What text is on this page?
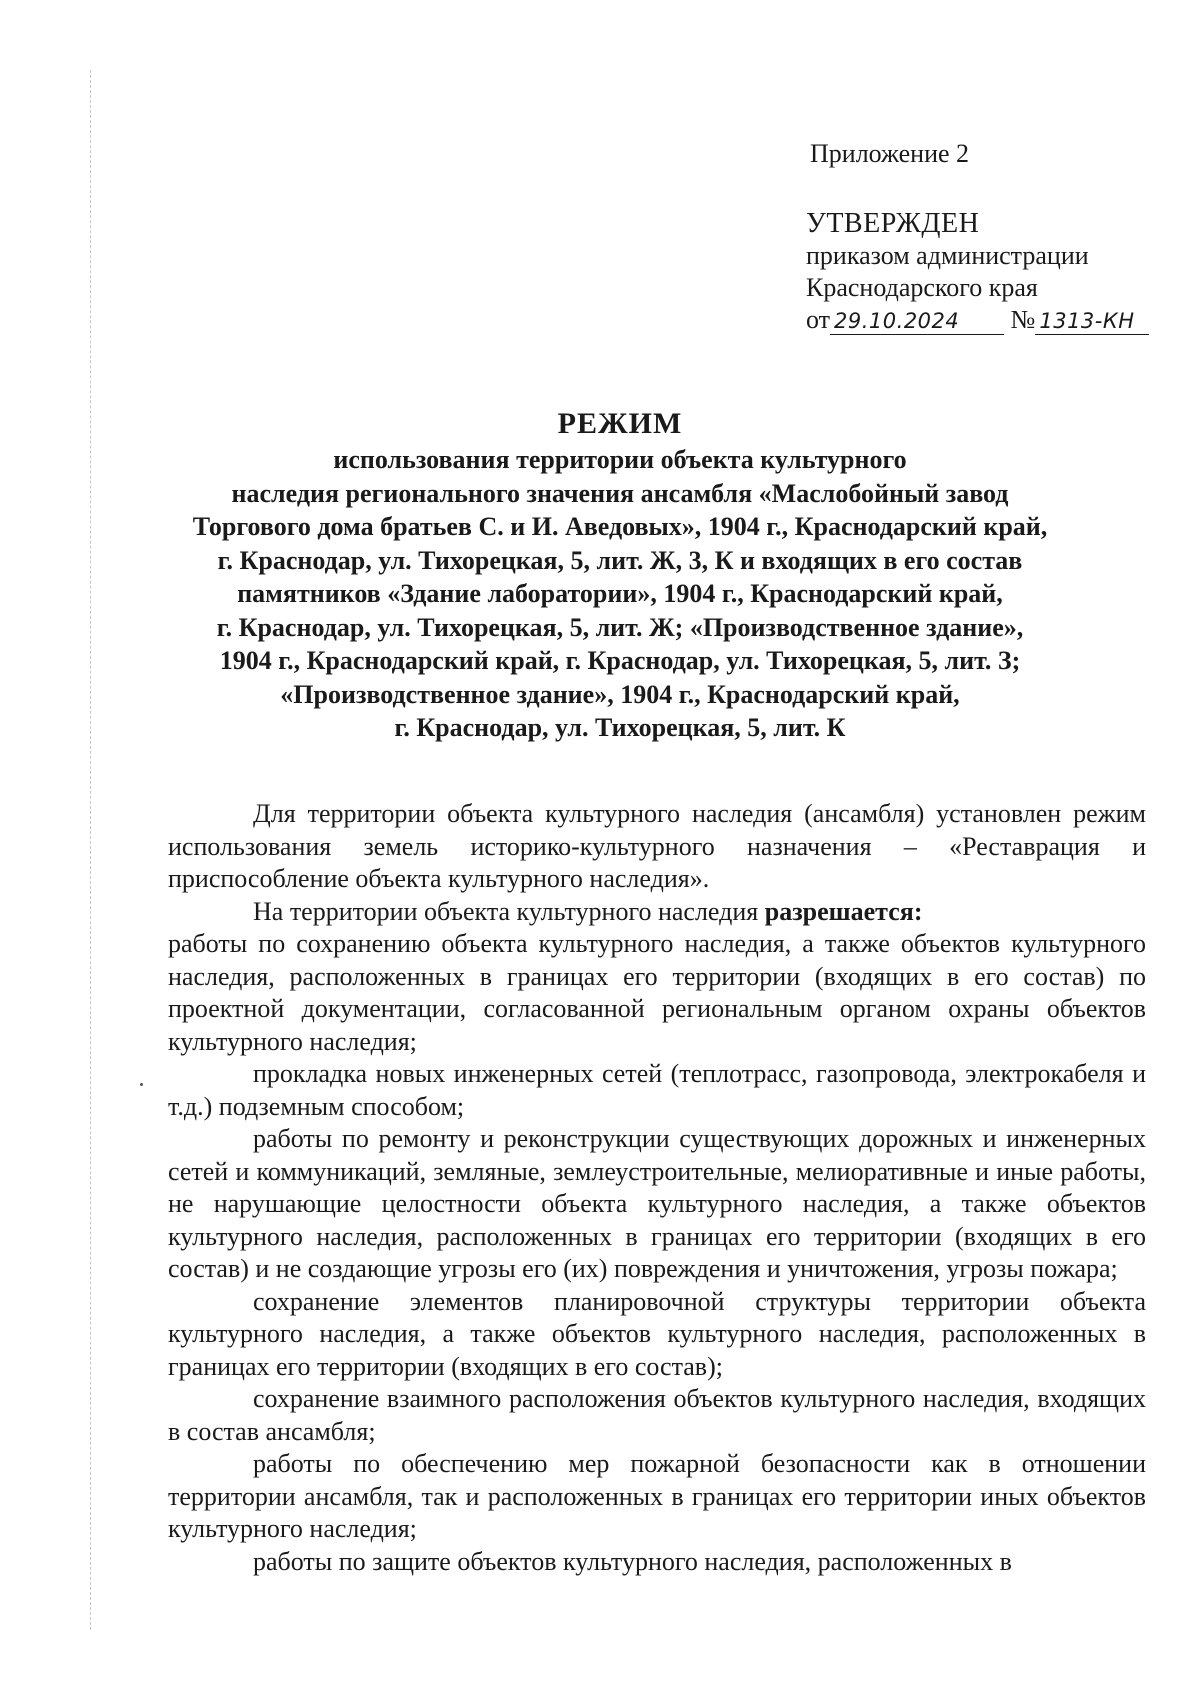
Приложение 2
УТВЕРЖДЕН
приказом администрации
Краснодарского края
от 29.10.2024 № 1313-КН
РЕЖИМ
использования территории объекта культурного
наследия регионального значения ансамбля «Маслобойный завод
Торгового дома братьев С. и И. Аведовых», 1904 г., Краснодарский край,
г. Краснодар, ул. Тихорецкая, 5, лит. Ж, 3, К и входящих в его состав
памятников «Здание лаборатории», 1904 г., Краснодарский край,
г. Краснодар, ул. Тихорецкая, 5, лит. Ж; «Производственное здание»,
1904 г., Краснодарский край, г. Краснодар, ул. Тихорецкая, 5, лит. З;
«Производственное здание», 1904 г., Краснодарский край,
г. Краснодар, ул. Тихорецкая, 5, лит. К

Для территории объекта культурного наследия (ансамбля) установлен режим использования земель историко-культурного назначения – «Реставрация и приспособление объекта культурного наследия».

На территории объекта культурного наследия разрешается:

работы по сохранению объекта культурного наследия, а также объектов культурного наследия, расположенных в границах его территории (входящих в его состав) по проектной документации, согласованной региональным органом охраны объектов культурного наследия;

прокладка новых инженерных сетей (теплотрасс, газопровода, электрокабеля и т.д.) подземным способом;

работы по ремонту и реконструкции существующих дорожных и инженерных сетей и коммуникаций, земляные, землеустроительные, мелиоративные и иные работы, не нарушающие целостности объекта культурного наследия, а также объектов культурного наследия, расположенных в границах его территории (входящих в его состав) и не создающие угрозы его (их) повреждения и уничтожения, угрозы пожара;

сохранение элементов планировочной структуры территории объекта культурного наследия, а также объектов культурного наследия, расположенных в границах его территории (входящих в его состав);

сохранение взаимного расположения объектов культурного наследия, входящих в состав ансамбля;

работы по обеспечению мер пожарной безопасности как в отношении территории ансамбля, так и расположенных в границах его территории иных объектов культурного наследия;

работы по защите объектов культурного наследия, расположенных в
